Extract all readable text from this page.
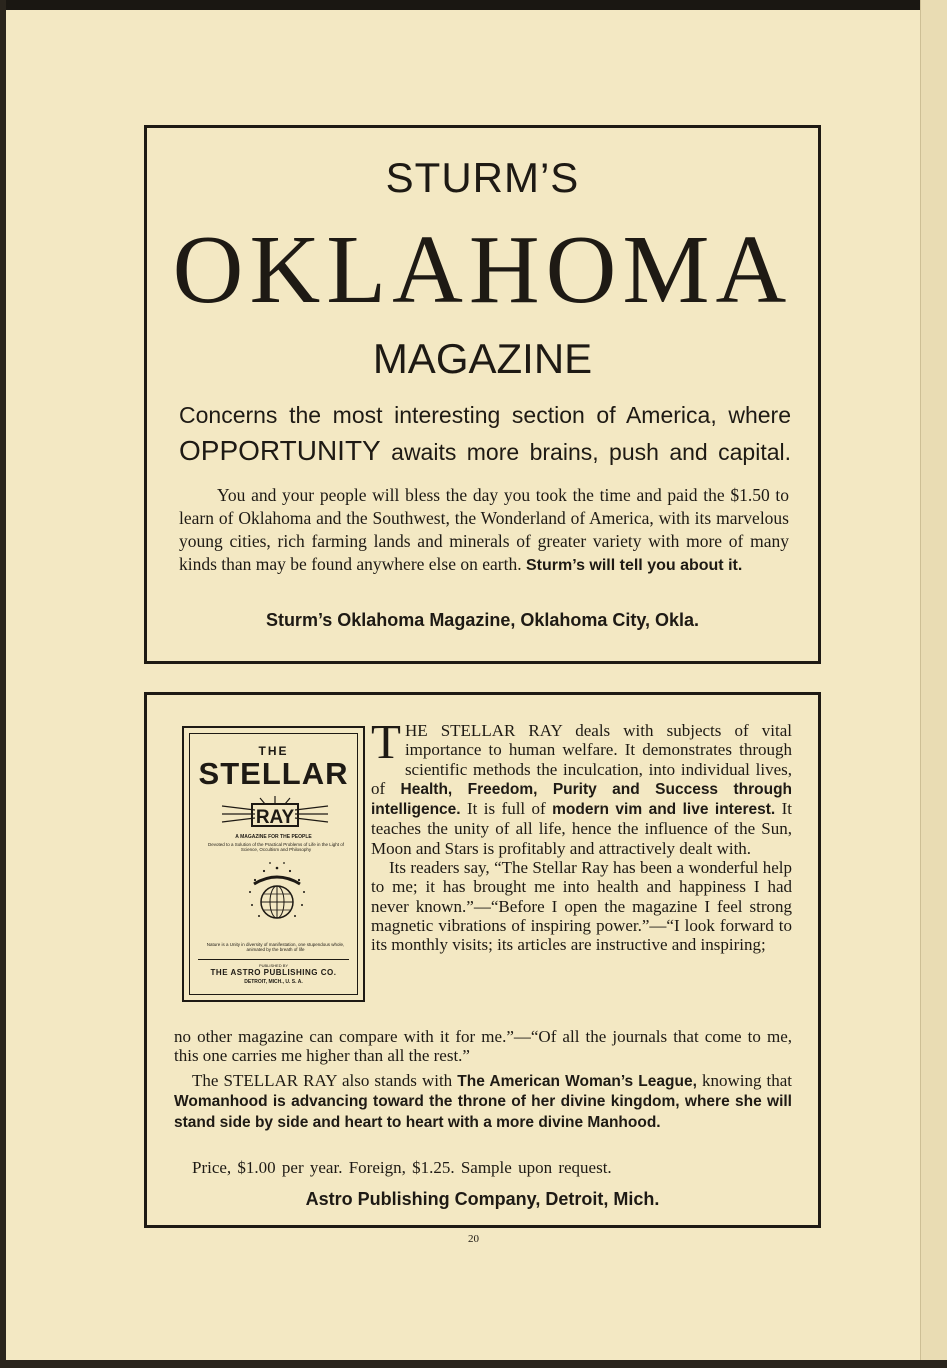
STURM’S
OKLAHOMA
MAGAZINE
Concerns the most interesting section of America, where
OPPORTUNITY awaits more brains, push and capital.
You and your people will bless the day you took the time and paid the $1.50 to learn of Oklahoma and the Southwest, the Wonderland of America, with its marvelous young cities, rich farming lands and minerals of greater variety with more of many kinds than may be found anywhere else on earth. Sturm’s will tell you about it.
Sturm’s Oklahoma Magazine, Oklahoma City, Okla.
THE
STELLAR
RAY
A MAGAZINE FOR THE PEOPLE
Devoted to a Solution of the Practical Problems of Life in the Light of Science, Occultism and Philosophy
Nature is a Unity in diversity of manifestation, one stupendous whole, animated by the breath of life
PUBLISHED BY
THE ASTRO PUBLISHING CO.
DETROIT, MICH., U. S. A.
THE STELLAR RAY deals with subjects of vital importance to human welfare. It demonstrates through scientific methods the inculcation, into individual lives, of Health, Freedom, Purity and Success through intelligence. It is full of modern vim and live interest. It teaches the unity of all life, hence the influence of the Sun, Moon and Stars is profitably and attractively dealt with.
Its readers say, “The Stellar Ray has been a wonderful help to me; it has brought me into health and happiness I had never known.”—“Before I open the magazine I feel strong magnetic vibrations of inspiring power.”—“I look forward to its monthly visits; its articles are instructive and inspiring;
no other magazine can compare with it for me.”—“Of all the journals that come to me, this one carries me higher than all the rest.”
The STELLAR RAY also stands with The American Woman’s League, knowing that Womanhood is advancing toward the throne of her divine kingdom, where she will stand side by side and heart to heart with a more divine Manhood.
Price, $1.00 per year. Foreign, $1.25. Sample upon request.
Astro Publishing Company, Detroit, Mich.
20
